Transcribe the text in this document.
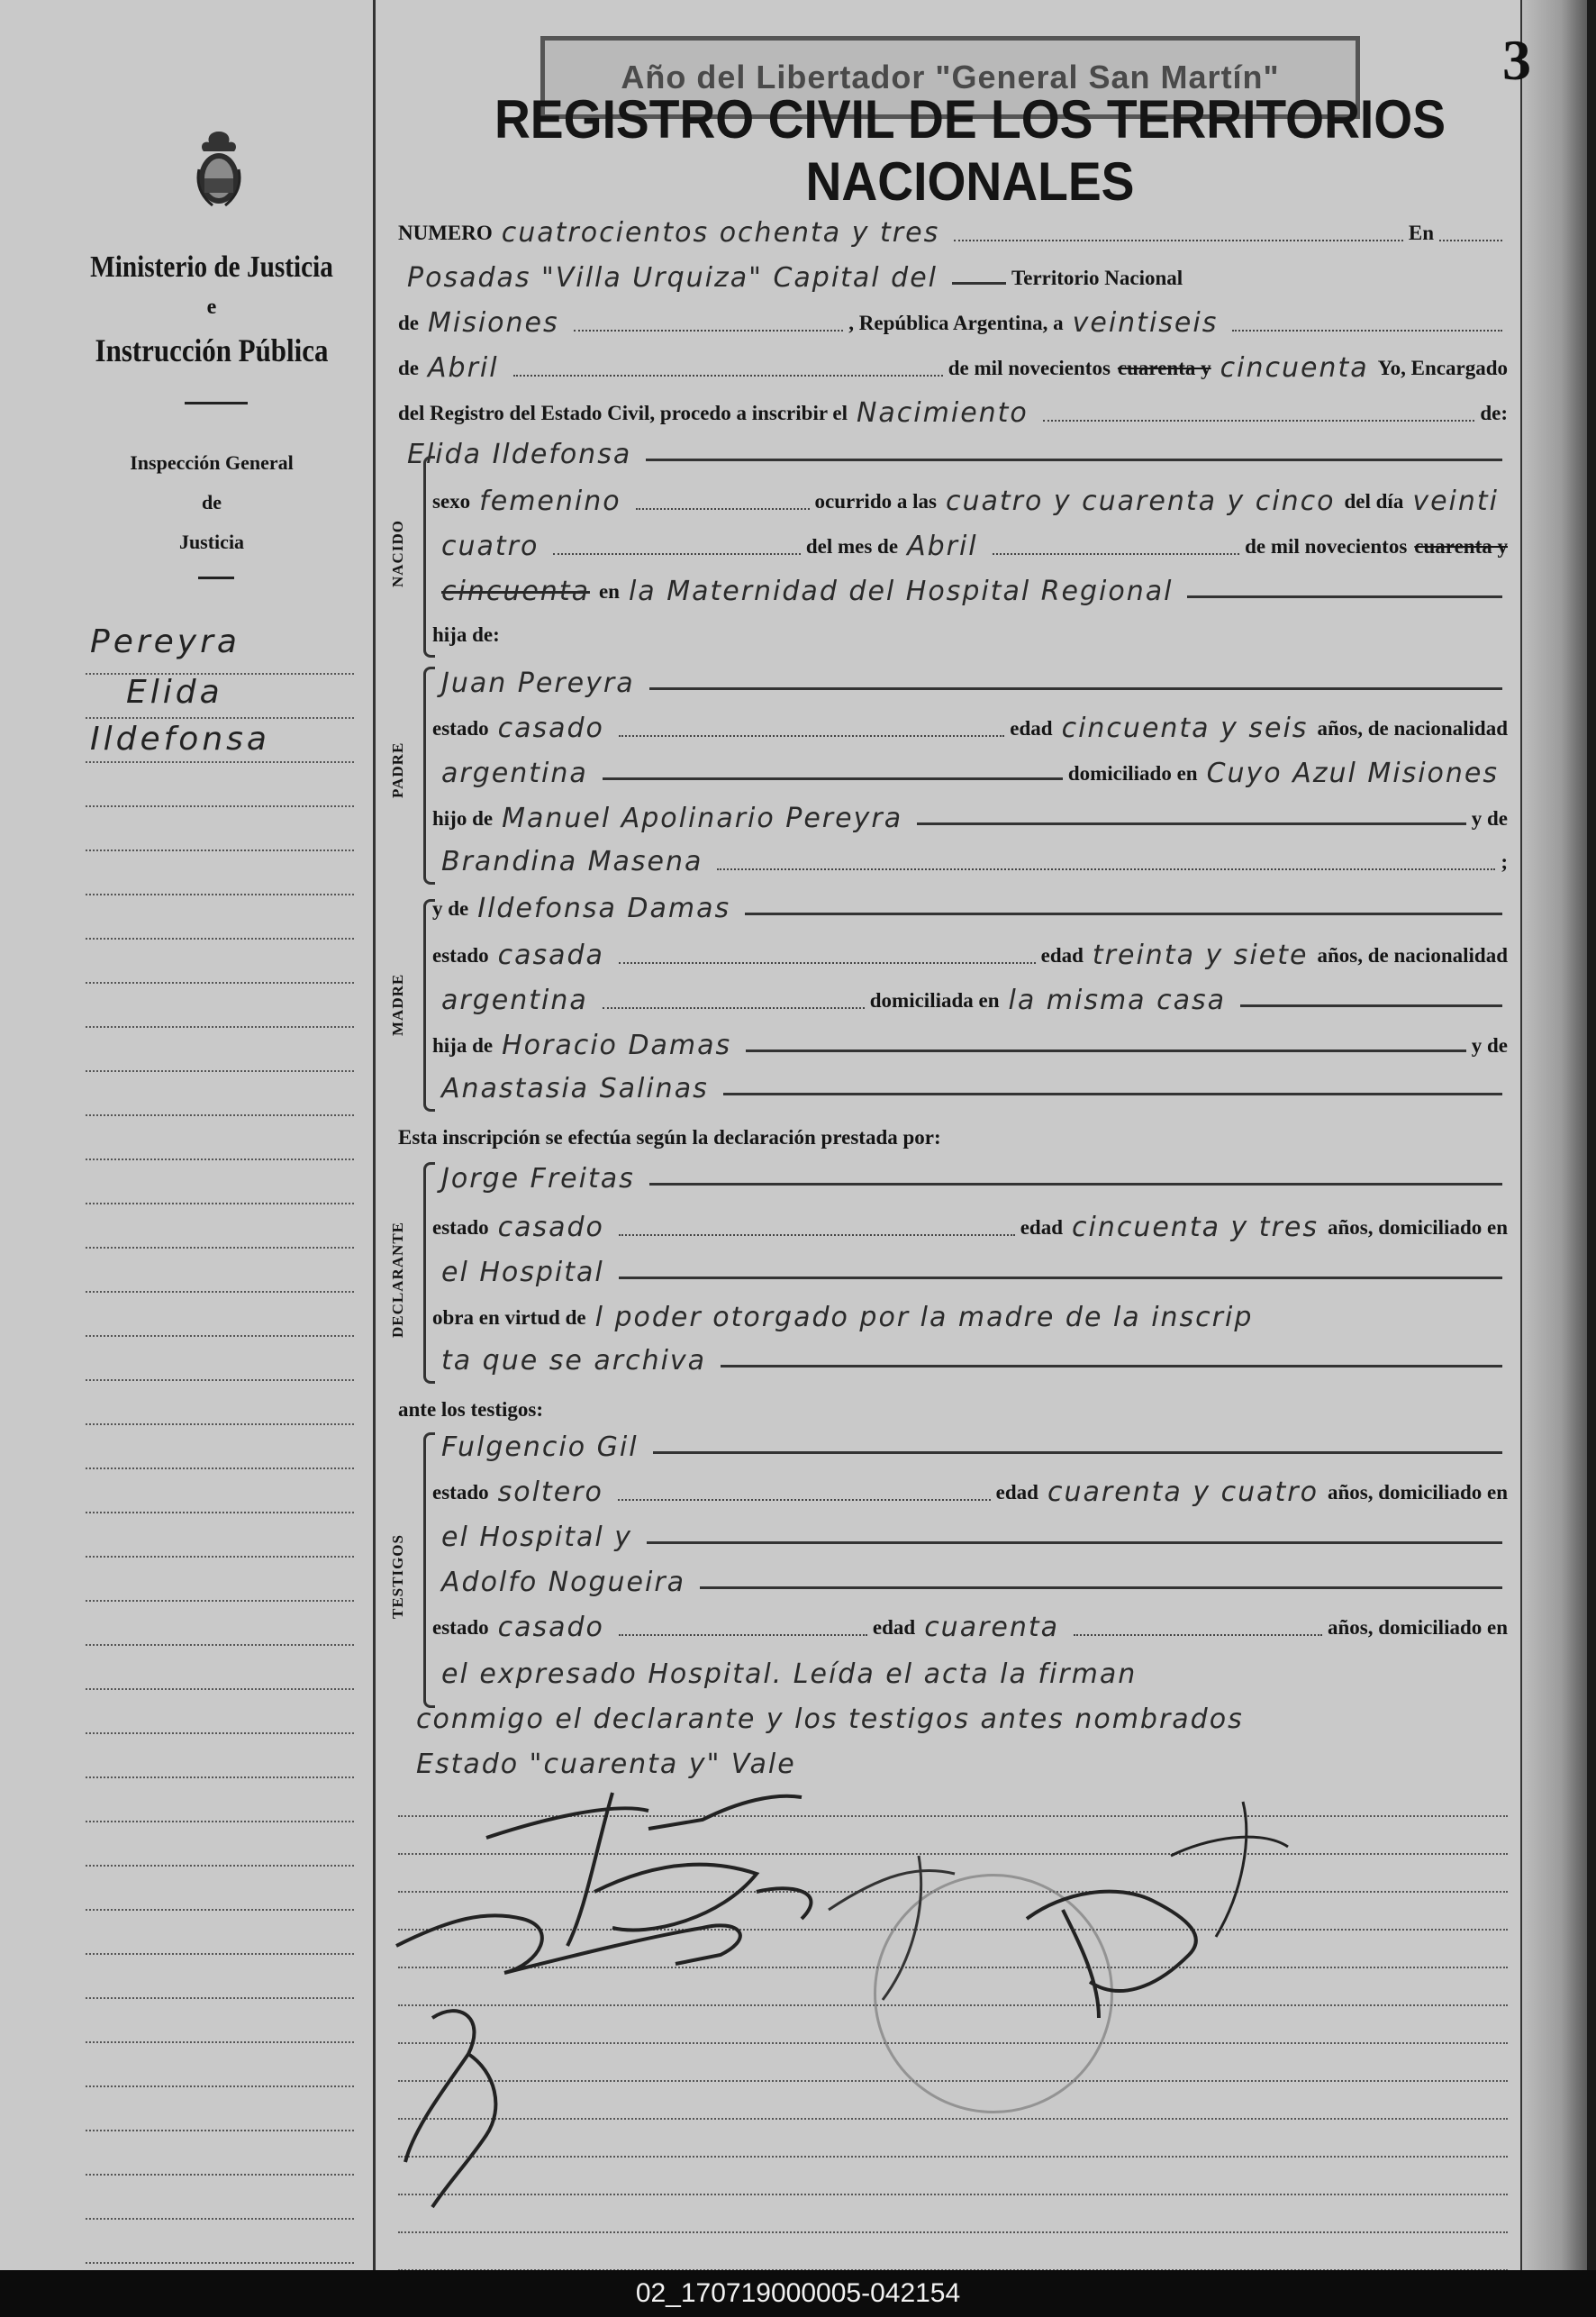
Año del Libertador "General San Martín"
REGISTRO CIVIL DE LOS TERRITORIOS NACIONALES
3
Ministerio de Justicia
e
Instrucción Pública
Inspección General
de
Justicia
Pereyra
Elida
Ildefonsa
NUMERO cuatrocientos ochenta y tres	En
Posadas "Villa Urquiza" Capital del	Territorio Nacional
de Misiones	, República Argentina, a veintiseis
de Abril	de mil novecientos cuarenta y cincuenta Yo, Encargado
del Registro del Estado Civil, procedo a inscribir el Nacimiento	de:
Elida Ildefonsa
NACIDO
sexo femenino	ocurrido a las cuatro y cuarenta y cinco del día veinti
cuatro	del mes de Abril	de mil novecientos cuarenta y
cincuenta en la Maternidad del Hospital Regional
hija de:
PADRE
Juan Pereyra
estado casado	edad cincuenta y seis años, de nacionalidad
argentina	domiciliado en Cuyo Azul Misiones
hijo de Manuel Apolinario Pereyra	y de
Brandina Masena	;
MADRE
y de Ildefonsa Damas
estado casada	edad treinta y siete años, de nacionalidad
argentina	domiciliada en la misma casa
hija de Horacio Damas	y de
Anastasia Salinas
Esta inscripción se efectúa según la declaración prestada por:
DECLARANTE
Jorge Freitas
estado casado	edad cincuenta y tres años, domiciliado en
el Hospital
obra en virtud de l poder otorgado por la madre de la inscrip
ta que se archiva
ante los testigos:
TESTIGOS
Fulgencio Gil
estado soltero	edad cuarenta y cuatro años, domiciliado en
el Hospital y
Adolfo Nogueira
estado casado	edad cuarenta	años, domiciliado en
el expresado Hospital. Leída el acta la firman
conmigo el declarante y los testigos antes nombrados
Estado "cuarenta y" Vale
02_170719000005-042154
